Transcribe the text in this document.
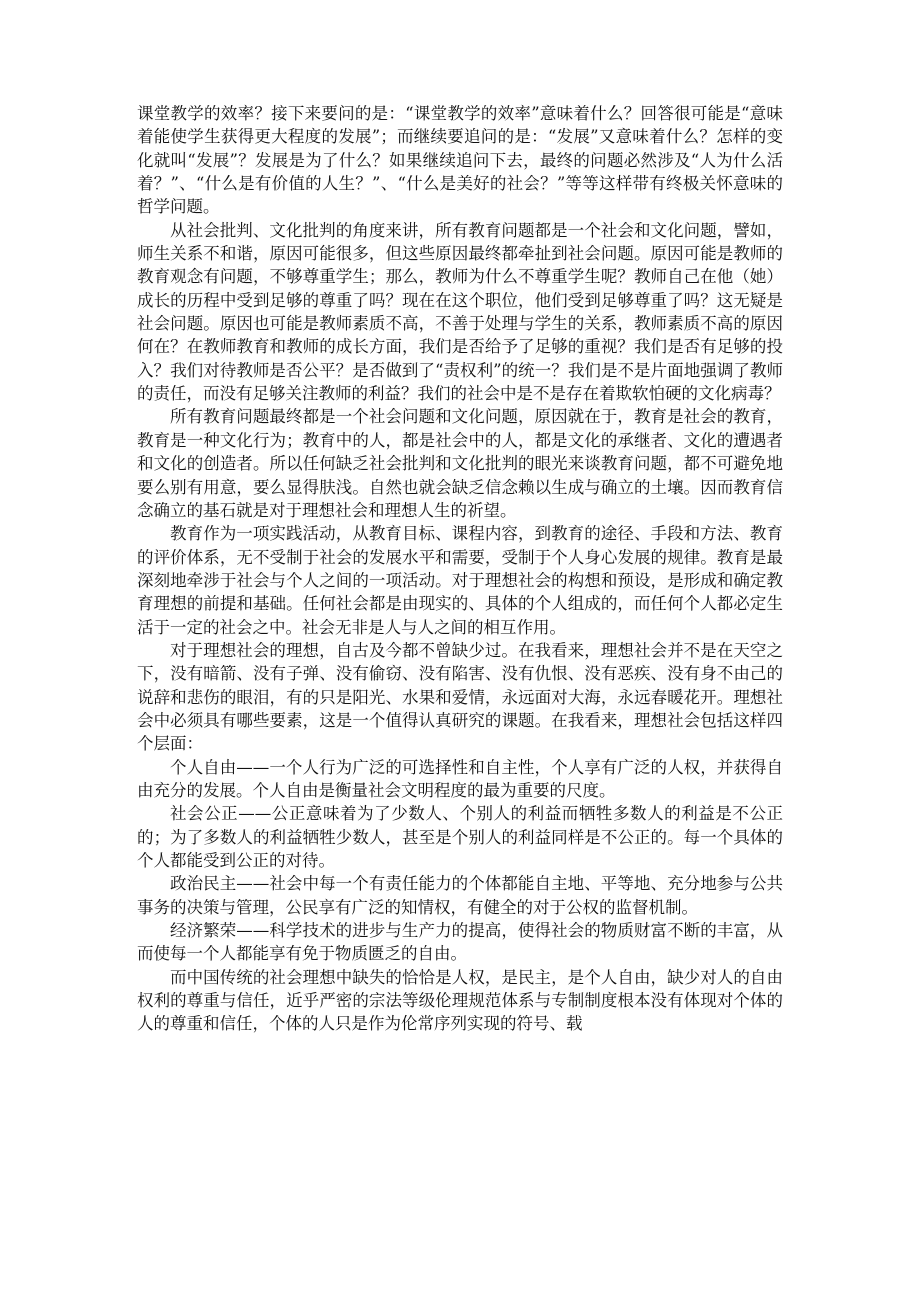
课堂教学的效率？接下来要问的是：“课堂教学的效率”意味着什么？回答很可能是“意味着能使学生获得更大程度的发展”；而继续要追问的是：“发展”又意味着什么？怎样的变化就叫“发展”？发展是为了什么？如果继续追问下去，最终的问题必然涉及“人为什么活着？”、“什么是有价值的人生？”、“什么是美好的社会？”等等这样带有终极关怀意味的哲学问题。

从社会批判、文化批判的角度来讲，所有教育问题都是一个社会和文化问题，譬如，师生关系不和谐，原因可能很多，但这些原因最终都牵扯到社会问题。原因可能是教师的教育观念有问题，不够尊重学生；那么，教师为什么不尊重学生呢？教师自己在他（她）成长的历程中受到足够的尊重了吗？现在在这个职位，他们受到足够尊重了吗？这无疑是社会问题。原因也可能是教师素质不高，不善于处理与学生的关系，教师素质不高的原因何在？在教师教育和教师的成长方面，我们是否给予了足够的重视？我们是否有足够的投入？我们对待教师是否公平？是否做到了“责权利”的统一？我们是不是片面地强调了教师的责任，而没有足够关注教师的利益？我们的社会中是不是存在着欺软怕硬的文化病毒？

所有教育问题最终都是一个社会问题和文化问题，原因就在于，教育是社会的教育，教育是一种文化行为；教育中的人，都是社会中的人，都是文化的承继者、文化的遭遇者和文化的创造者。所以任何缺乏社会批判和文化批判的眼光来谈教育问题，都不可避免地要么别有用意，要么显得肤浅。自然也就会缺乏信念赖以生成与确立的土壤。因而教育信念确立的基石就是对于理想社会和理想人生的祈望。

教育作为一项实践活动，从教育目标、课程内容，到教育的途径、手段和方法、教育的评价体系，无不受制于社会的发展水平和需要，受制于个人身心发展的规律。教育是最深刻地牵涉于社会与个人之间的一项活动。对于理想社会的构想和预设，是形成和确定教育理想的前提和基础。任何社会都是由现实的、具体的个人组成的，而任何个人都必定生活于一定的社会之中。社会无非是人与人之间的相互作用。

对于理想社会的理想，自古及今都不曾缺少过。在我看来，理想社会并不是在天空之下，没有暗箭、没有子弹、没有偷窃、没有陷害、没有仇恨、没有恶疾、没有身不由己的说辞和悲伤的眼泪，有的只是阳光、水果和爱情，永远面对大海，永远春暖花开。理想社会中必须具有哪些要素，这是一个值得认真研究的课题。在我看来，理想社会包括这样四个层面：

个人自由——一个人行为广泛的可选择性和自主性，个人享有广泛的人权，并获得自由充分的发展。个人自由是衡量社会文明程度的最为重要的尺度。

社会公正——公正意味着为了少数人、个别人的利益而牺牲多数人的利益是不公正的；为了多数人的利益牺牲少数人，甚至是个别人的利益同样是不公正的。每一个具体的个人都能受到公正的对待。

政治民主——社会中每一个有责任能力的个体都能自主地、平等地、充分地参与公共事务的决策与管理，公民享有广泛的知情权，有健全的对于公权的监督机制。

经济繁荣——科学技术的进步与生产力的提高，使得社会的物质财富不断的丰富，从而使每一个人都能享有免于物质匮乏的自由。

而中国传统的社会理想中缺失的恰恰是人权，是民主，是个人自由，缺少对人的自由权利的尊重与信任，近乎严密的宗法等级伦理规范体系与专制制度根本没有体现对个体的人的尊重和信任，个体的人只是作为伦常序列实现的符号、载
